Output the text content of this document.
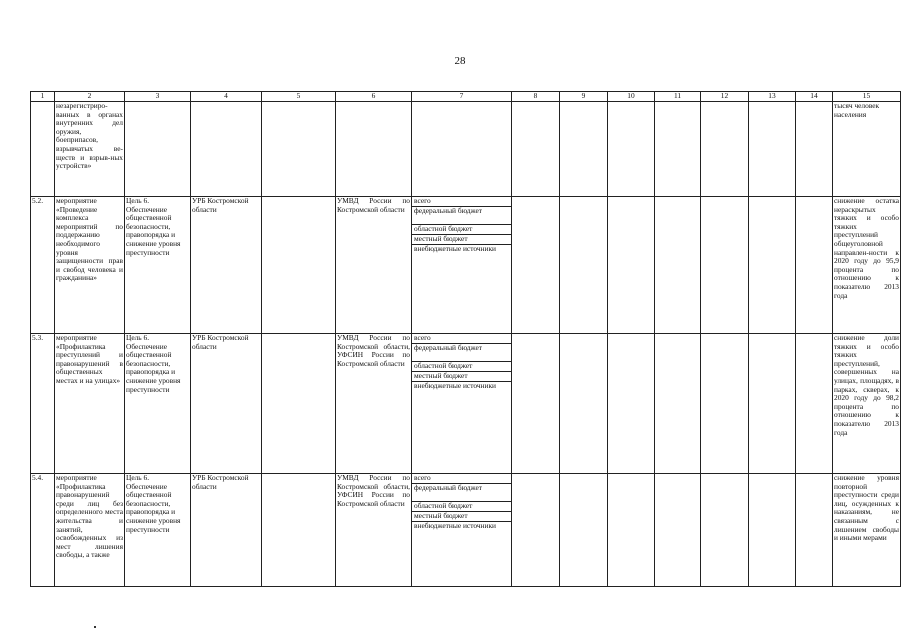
28
1	2	3	4	5	6	7	8	9	10	11	12	13	14	15
	незарегистриро-ванных в органах внутренних дел оружия, боеприпасов, взрывчатых ве-ществ и взрыв-ных устройств»													тысяч человек населения
5.2.	мероприятие «Проведение комплекса мероприятий по поддержанию необходимого уровня защищенности прав и свобод человека и гражданина»	Цель 6. Обеспечение общественной безопасности, правопорядка и снижение уровня преступности	УРБ Костромской области		УМВД России по Костромской области	всего
федеральный бюджет
областной бюджет
местный бюджет
внебюджетные источники								снижение остатка нераскрытых тяжких и особо тяжких преступлений общеуголовной направлен-ности к 2020 году до 95,9 процента по отношению к показателю 2013 года
5.3.	мероприятие «Профилактика преступлений и правонарушений в общественных местах и на улицах»	Цель 6. Обеспечение общественной безопасности, правопорядка и снижение уровня преступности	УРБ Костромской области		УМВД России по Костромской области, УФСИН России по Костромской области	всего
федеральный бюджет
областной бюджет
местный бюджет
внебюджетные источники								снижение доли тяжких и особо тяжких преступлений, совершенных на улицах, площадях, в парках, скверах, к 2020 году до 98,2 процента по отношению к показателю 2013 года
5.4.	мероприятие «Профилактика правонарушений среди лиц без определенного места жительства и занятий, освобожденных из мест лишения свободы, а также	Цель 6. Обеспечение общественной безопасности, правопорядка и снижение уровня преступности	УРБ Костромской области		УМВД России по Костромской области, УФСИН России по Костромской области	всего
федеральный бюджет
областной бюджет
местный бюджет
внебюджетные источники								снижение уровня повторной преступности среди лиц, осужденных к наказаниям, не связанным с лишением свободы и иными мерами
